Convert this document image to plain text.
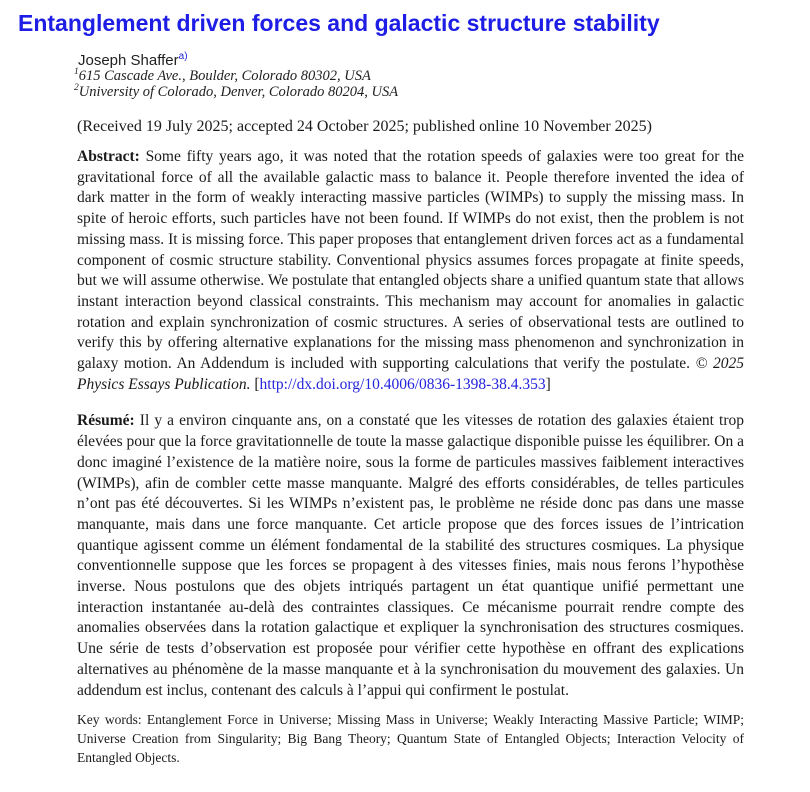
Entanglement driven forces and galactic structure stability
Joseph Shaffer$^{a)}$
$^1$615 Cascade Ave., Boulder, Colorado 80302, USA
$^2$University of Colorado, Denver, Colorado 80204, USA

(Received 19 July 2025; accepted 24 October 2025; published online 10 November 2025)

Abstract: Some fifty years ago, it was noted that the rotation speeds of galaxies were too great for the gravitational force of all the available galactic mass to balance it. People therefore invented the idea of dark matter in the form of weakly interacting massive particles (WIMPs) to supply the missing mass. In spite of heroic efforts, such particles have not been found. If WIMPs do not exist, then the problem is not missing mass. It is missing force. This paper proposes that entanglement driven forces act as a fundamental component of cosmic structure stability. Conventional physics assumes forces propagate at finite speeds, but we will assume otherwise. We postulate that entangled objects share a unified quantum state that allows instant interaction beyond classical constraints. This mechanism may account for anomalies in galactic rotation and explain synchronization of cosmic structures. A series of observational tests are outlined to verify this by offering alternative explanations for the missing mass phenomenon and synchronization in galaxy motion. An Addendum is included with supporting calculations that verify the postulate. © 2025 Physics Essays Publication. [http://dx.doi.org/10.4006/0836-1398-38.4.353]

Résumé: Il y a environ cinquante ans, on a constaté que les vitesses de rotation des galaxies étaient trop élevées pour que la force gravitationnelle de toute la masse galactique disponible puisse les équilibrer. On a donc imaginé l’existence de la matière noire, sous la forme de particules massives faiblement interactives (WIMPs), afin de combler cette masse manquante. Malgré des efforts considérables, de telles particules n’ont pas été découvertes. Si les WIMPs n’existent pas, le problème ne réside donc pas dans une masse manquante, mais dans une force manquante. Cet article propose que des forces issues de l’intrication quantique agissent comme un élément fondamental de la stabilité des structures cosmiques. La physique conventionnelle suppose que les forces se propagent à des vitesses finies, mais nous ferons l’hypothèse inverse. Nous postulons que des objets intriqués partagent un état quantique unifié permettant une interaction instantanée au-delà des contraintes classiques. Ce mécanisme pourrait rendre compte des anomalies observées dans la rotation galactique et expliquer la synchronisation des structures cosmiques. Une série de tests d’observation est proposée pour vérifier cette hypothèse en offrant des explications alternatives au phénomène de la masse manquante et à la synchronisation du mouvement des galaxies. Un addendum est inclus, contenant des calculs à l’appui qui confirment le postulat.

Key words: Entanglement Force in Universe; Missing Mass in Universe; Weakly Interacting Massive Particle; WIMP; Universe Creation from Singularity; Big Bang Theory; Quantum State of Entangled Objects; Interaction Velocity of Entangled Objects.
